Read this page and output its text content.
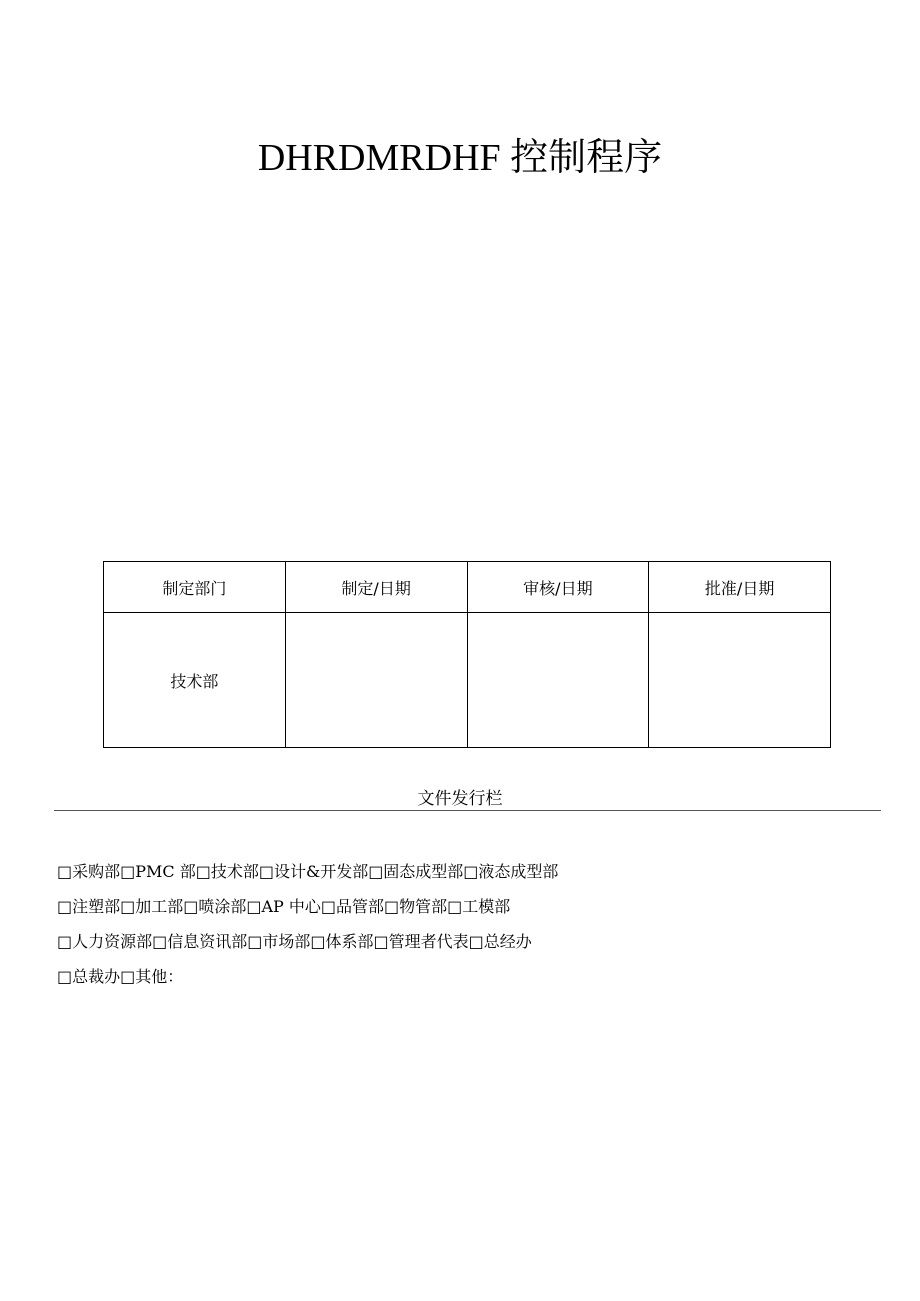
DHRDMRDHF 控制程序
制定部门	制定/日期	审核/日期	批准/日期
技术部			
文件发行栏
□采购部□PMC 部□技术部□设计&开发部□固态成型部□液态成型部
□注塑部□加工部□喷涂部□AP 中心□品管部□物管部□工模部
□人力资源部□信息资讯部□市场部□体系部□管理者代表□总经办
□总裁办□其他：
